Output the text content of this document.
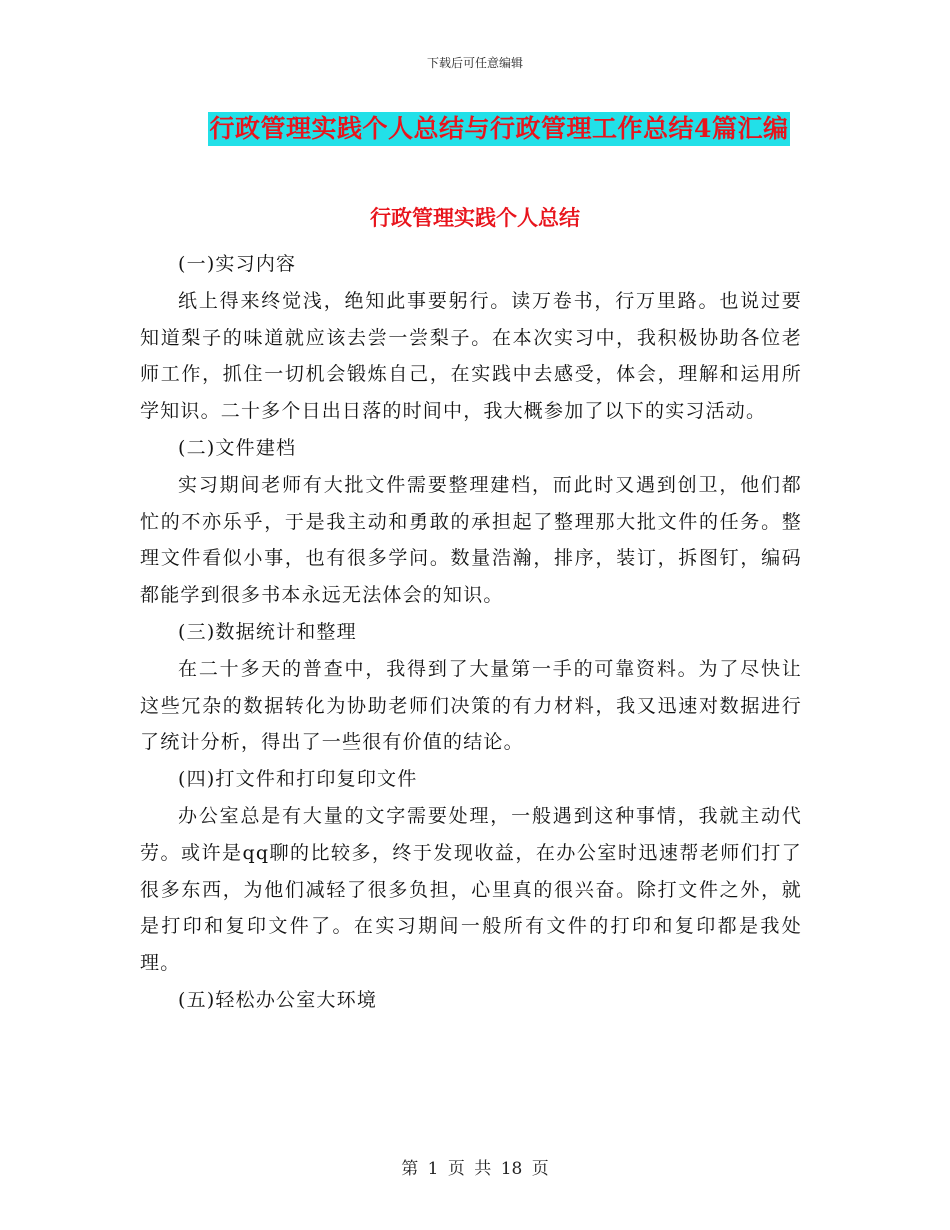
下载后可任意编辑
行政管理实践个人总结与行政管理工作总结4篇汇编
行政管理实践个人总结

(一)实习内容

纸上得来终觉浅，绝知此事要躬行。读万卷书，行万里路。也说过要知道梨子的味道就应该去尝一尝梨子。在本次实习中，我积极协助各位老师工作，抓住一切机会锻炼自己，在实践中去感受，体会，理解和运用所学知识。二十多个日出日落的时间中，我大概参加了以下的实习活动。

(二)文件建档

实习期间老师有大批文件需要整理建档，而此时又遇到创卫，他们都忙的不亦乐乎，于是我主动和勇敢的承担起了整理那大批文件的任务。整理文件看似小事，也有很多学问。数量浩瀚，排序，装订，拆图钉，编码都能学到很多书本永远无法体会的知识。

(三)数据统计和整理

在二十多天的普查中，我得到了大量第一手的可靠资料。为了尽快让这些冗杂的数据转化为协助老师们决策的有力材料，我又迅速对数据进行了统计分析，得出了一些很有价值的结论。

(四)打文件和打印复印文件

办公室总是有大量的文字需要处理，一般遇到这种事情，我就主动代劳。或许是qq聊的比较多，终于发现收益，在办公室时迅速帮老师们打了很多东西，为他们减轻了很多负担，心里真的很兴奋。除打文件之外，就是打印和复印文件了。在实习期间一般所有文件的打印和复印都是我处理。

(五)轻松办公室大环境

第 1 页 共 18 页
